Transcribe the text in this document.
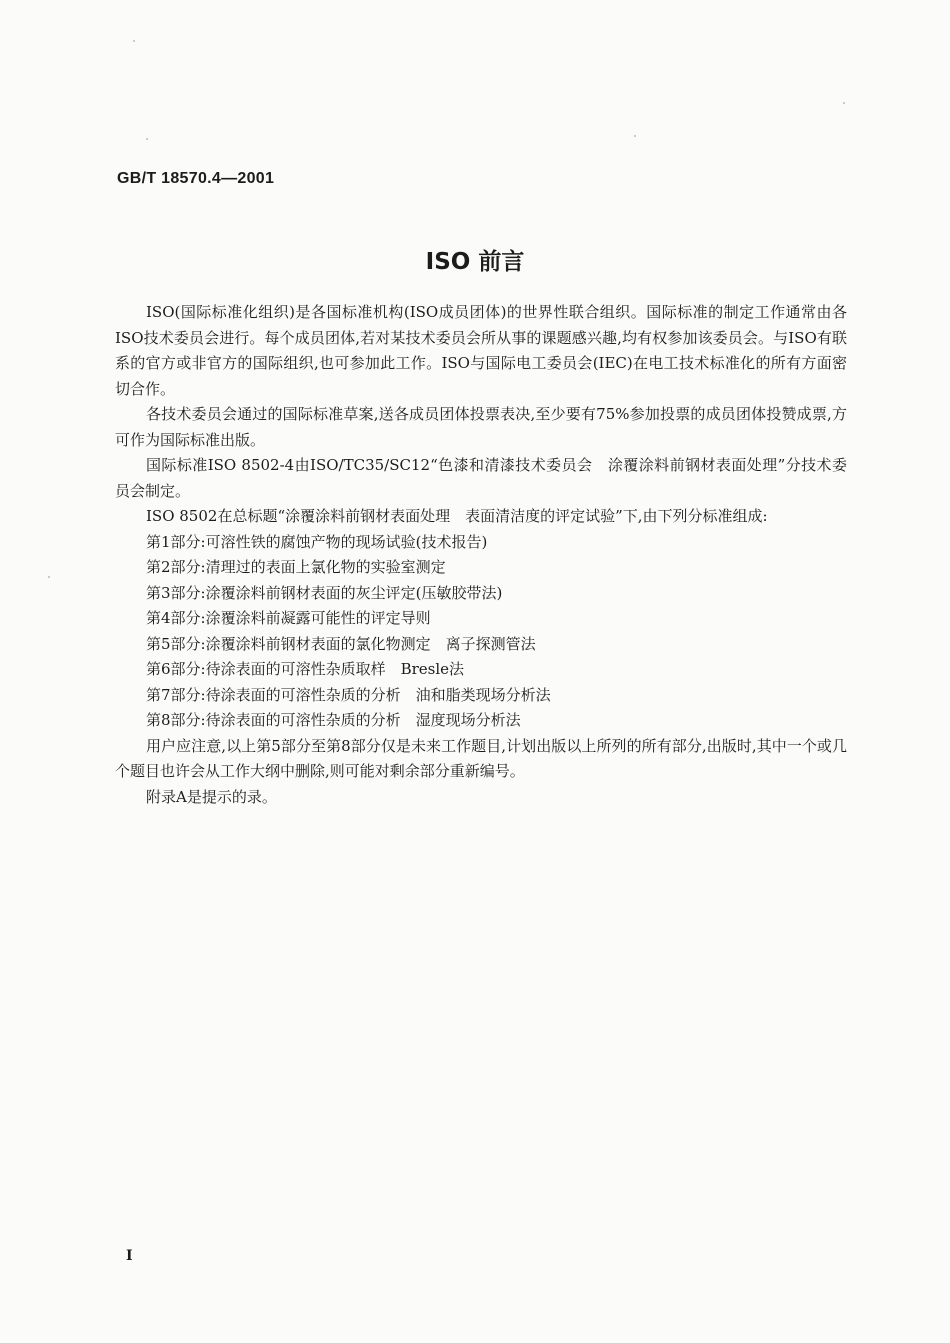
GB/T 18570.4—2001
ISO 前言

ISO(国际标准化组织)是各国标准机构(ISO成员团体)的世界性联合组织。国际标准的制定工作通常由各ISO技术委员会进行。每个成员团体,若对某技术委员会所从事的课题感兴趣,均有权参加该委员会。与ISO有联系的官方或非官方的国际组织,也可参加此工作。ISO与国际电工委员会(IEC)在电工技术标准化的所有方面密切合作。

各技术委员会通过的国际标准草案,送各成员团体投票表决,至少要有75%参加投票的成员团体投赞成票,方可作为国际标准出版。

国际标准ISO 8502-4由ISO/TC35/SC12“色漆和清漆技术委员会　涂覆涂料前钢材表面处理”分技术委员会制定。

ISO 8502在总标题“涂覆涂料前钢材表面处理　表面清洁度的评定试验”下,由下列分标准组成:

第1部分:可溶性铁的腐蚀产物的现场试验(技术报告)

第2部分:清理过的表面上氯化物的实验室测定

第3部分:涂覆涂料前钢材表面的灰尘评定(压敏胶带法)

第4部分:涂覆涂料前凝露可能性的评定导则

第5部分:涂覆涂料前钢材表面的氯化物测定　离子探测管法

第6部分:待涂表面的可溶性杂质取样　Bresle法

第7部分:待涂表面的可溶性杂质的分析　油和脂类现场分析法

第8部分:待涂表面的可溶性杂质的分析　湿度现场分析法

用户应注意,以上第5部分至第8部分仅是未来工作题目,计划出版以上所列的所有部分,出版时,其中一个或几个题目也许会从工作大纲中删除,则可能对剩余部分重新编号。

附录A是提示的录。

I
